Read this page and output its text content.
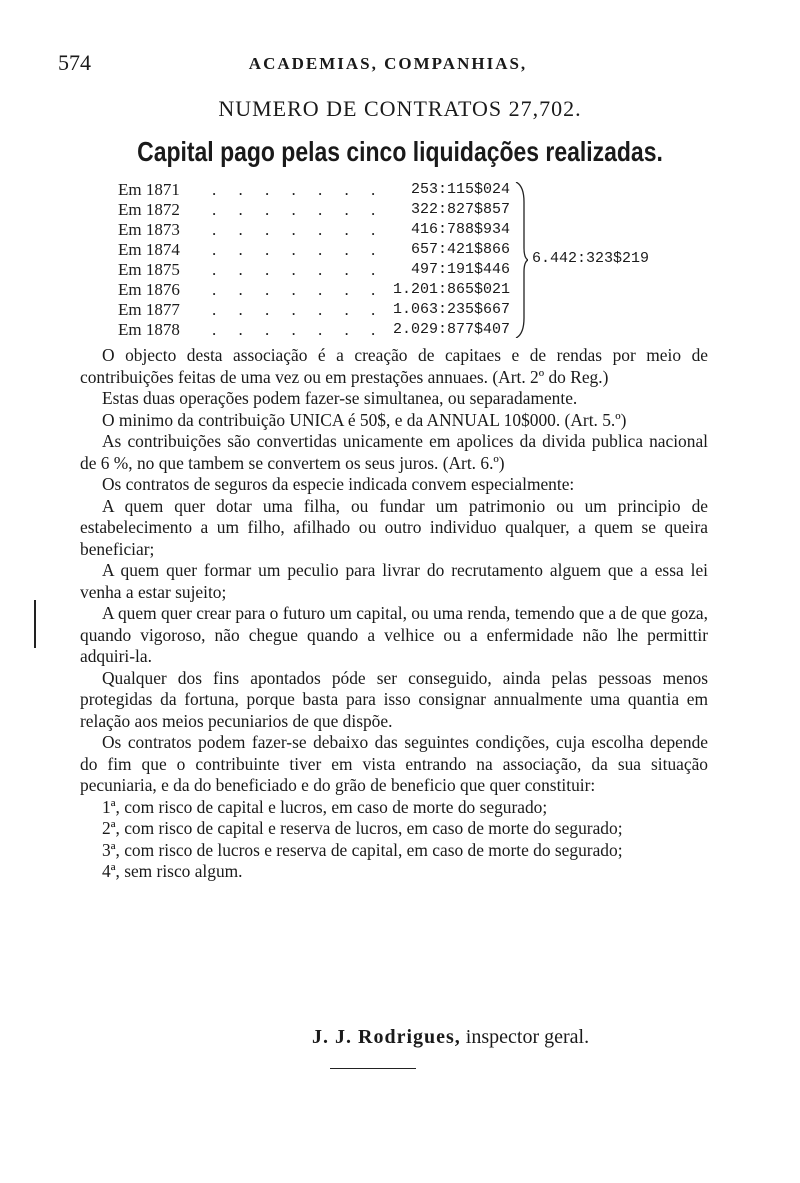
574	ACADEMIAS, COMPANHIAS,
NUMERO DE CONTRATOS 27,702.
Capital pago pelas cinco liquidações realizadas.
Em 1871 . . . . . . .	253:115$024
Em 1872 . . . . . . .	322:827$857
Em 1873 . . . . . . .	416:788$934
Em 1874 . . . . . . .	657:421$866
Em 1875 . . . . . . .	497:191$446
Em 1876 . . . . . . . 1.201:865$021
Em 1877 . . . . . . . 1.063:235$667
Em 1878 . . . . . . . 2.029:877$407
6.442:323$219

O objecto desta associação é a creação de capitaes e de rendas por meio de contribuições feitas de uma vez ou em prestações annuaes. (Art. 2º do Reg.)

Estas duas operações podem fazer-se simultanea, ou separadamente.

O minimo da contribuição UNICA é 50$, e da ANNUAL 10$000. (Art. 5.º)

As contribuições são convertidas unicamente em apolices da divida publica nacional de 6 %, no que tambem se convertem os seus juros. (Art. 6.º)

Os contratos de seguros da especie indicada convem especialmente:

A quem quer dotar uma filha, ou fundar um patrimonio ou um principio de estabelecimento a um filho, afilhado ou outro individuo qualquer, a quem se queira beneficiar;

A quem quer formar um peculio para livrar do recrutamento alguem que a essa lei venha a estar sujeito;

A quem quer crear para o futuro um capital, ou uma renda, temendo que a de que goza, quando vigoroso, não chegue quando a velhice ou a enfermidade não lhe permittir adquiri-la.

Qualquer dos fins apontados póde ser conseguido, ainda pelas pessoas menos protegidas da fortuna, porque basta para isso consignar annualmente uma quantia em relação aos meios pecuniarios de que dispõe.

Os contratos podem fazer-se debaixo das seguintes condições, cuja escolha depende do fim que o contribuinte tiver em vista entrando na associação, da sua situação pecuniaria, e da do beneficiado e do grão de beneficio que quer constituir:

1ª, com risco de capital e lucros, em caso de morte do segurado;

2ª, com risco de capital e reserva de lucros, em caso de morte do segurado;

3ª, com risco de lucros e reserva de capital, em caso de morte do segurado;

4ª, sem risco algum.

J. J. Rodrigues, inspector geral.
